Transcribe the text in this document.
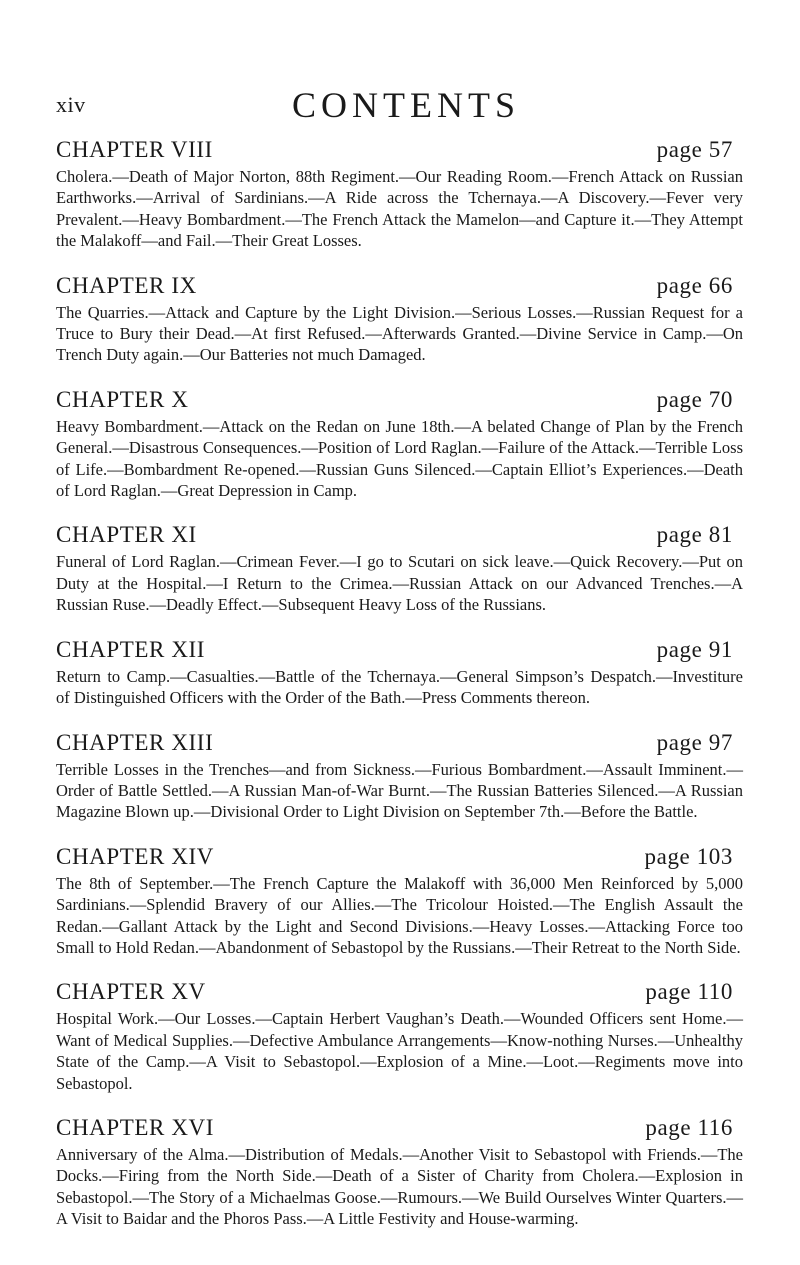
xiv	CONTENTS
CHAPTER VIII	page 57

Cholera.—Death of Major Norton, 88th Regiment.—Our Reading Room.—French Attack on Russian Earthworks.—Arrival of Sardinians.—A Ride across the Tchernaya.—A Discovery.—Fever very Prevalent.—Heavy Bombardment.—The French Attack the Mamelon—and Capture it.—They Attempt the Malakoff—and Fail.—Their Great Losses.

CHAPTER IX	page 66

The Quarries.—Attack and Capture by the Light Division.—Serious Losses.—Russian Request for a Truce to Bury their Dead.—At first Refused.—Afterwards Granted.—Divine Service in Camp.—On Trench Duty again.—Our Batteries not much Damaged.

CHAPTER X	page 70

Heavy Bombardment.—Attack on the Redan on June 18th.—A belated Change of Plan by the French General.—Disastrous Consequences.—Position of Lord Raglan.—Failure of the Attack.—Terrible Loss of Life.—Bombardment Re-opened.—Russian Guns Silenced.—Captain Elliot’s Experiences.—Death of Lord Raglan.—Great Depression in Camp.

CHAPTER XI	page 81

Funeral of Lord Raglan.—Crimean Fever.—I go to Scutari on sick leave.—Quick Recovery.—Put on Duty at the Hospital.—I Return to the Crimea.—Russian Attack on our Advanced Trenches.—A Russian Ruse.—Deadly Effect.—Subsequent Heavy Loss of the Russians.

CHAPTER XII	page 91

Return to Camp.—Casualties.—Battle of the Tchernaya.—General Simpson’s Despatch.—Investiture of Distinguished Officers with the Order of the Bath.—Press Comments thereon.

CHAPTER XIII	page 97

Terrible Losses in the Trenches—and from Sickness.—Furious Bombardment.—Assault Imminent.—Order of Battle Settled.—A Russian Man-of-War Burnt.—The Russian Batteries Silenced.—A Russian Magazine Blown up.—Divisional Order to Light Division on September 7th.—Before the Battle.

CHAPTER XIV	page 103

The 8th of September.—The French Capture the Malakoff with 36,000 Men Reinforced by 5,000 Sardinians.—Splendid Bravery of our Allies.—The Tricolour Hoisted.—The English Assault the Redan.—Gallant Attack by the Light and Second Divisions.—Heavy Losses.—Attacking Force too Small to Hold Redan.—Abandonment of Sebastopol by the Russians.—Their Retreat to the North Side.

CHAPTER XV	page 110

Hospital Work.—Our Losses.—Captain Herbert Vaughan’s Death.—Wounded Officers sent Home.—Want of Medical Supplies.—Defective Ambulance Arrangements—Know-nothing Nurses.—Unhealthy State of the Camp.—A Visit to Sebastopol.—Explosion of a Mine.—Loot.—Regiments move into Sebastopol.

CHAPTER XVI	page 116

Anniversary of the Alma.—Distribution of Medals.—Another Visit to Sebastopol with Friends.—The Docks.—Firing from the North Side.—Death of a Sister of Charity from Cholera.—Explosion in Sebastopol.—The Story of a Michaelmas Goose.—Rumours.—We Build Ourselves Winter Quarters.—A Visit to Baidar and the Phoros Pass.—A Little Festivity and House-warming.
